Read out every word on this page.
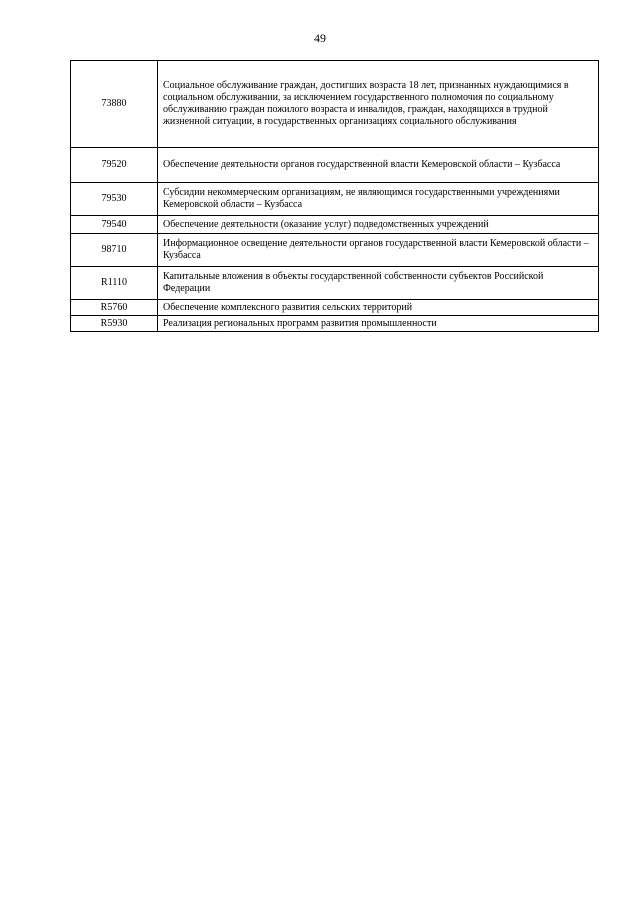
49
73880	Социальное обслуживание граждан, достигших возраста 18 лет, признанных нуждающимися в социальном обслуживании, за исключением государственного полномочия по социальному обслуживанию граждан пожилого возраста и инвалидов, граждан, находящихся в трудной жизненной ситуации, в государственных организациях социального обслуживания
79520	Обеспечение деятельности органов государственной власти Кемеровской области – Кузбасса
79530	Субсидии некоммерческим организациям, не являющимся государственными учреждениями Кемеровской области – Кузбасса
79540	Обеспечение деятельности (оказание услуг) подведомственных учреждений
98710	Информационное освещение деятельности органов государственной власти Кемеровской области – Кузбасса
R1110	Капитальные вложения в объекты государственной собственности субъектов Российской Федерации
R5760	Обеспечение комплексного развития сельских территорий
R5930	Реализация региональных программ развития промышленности
